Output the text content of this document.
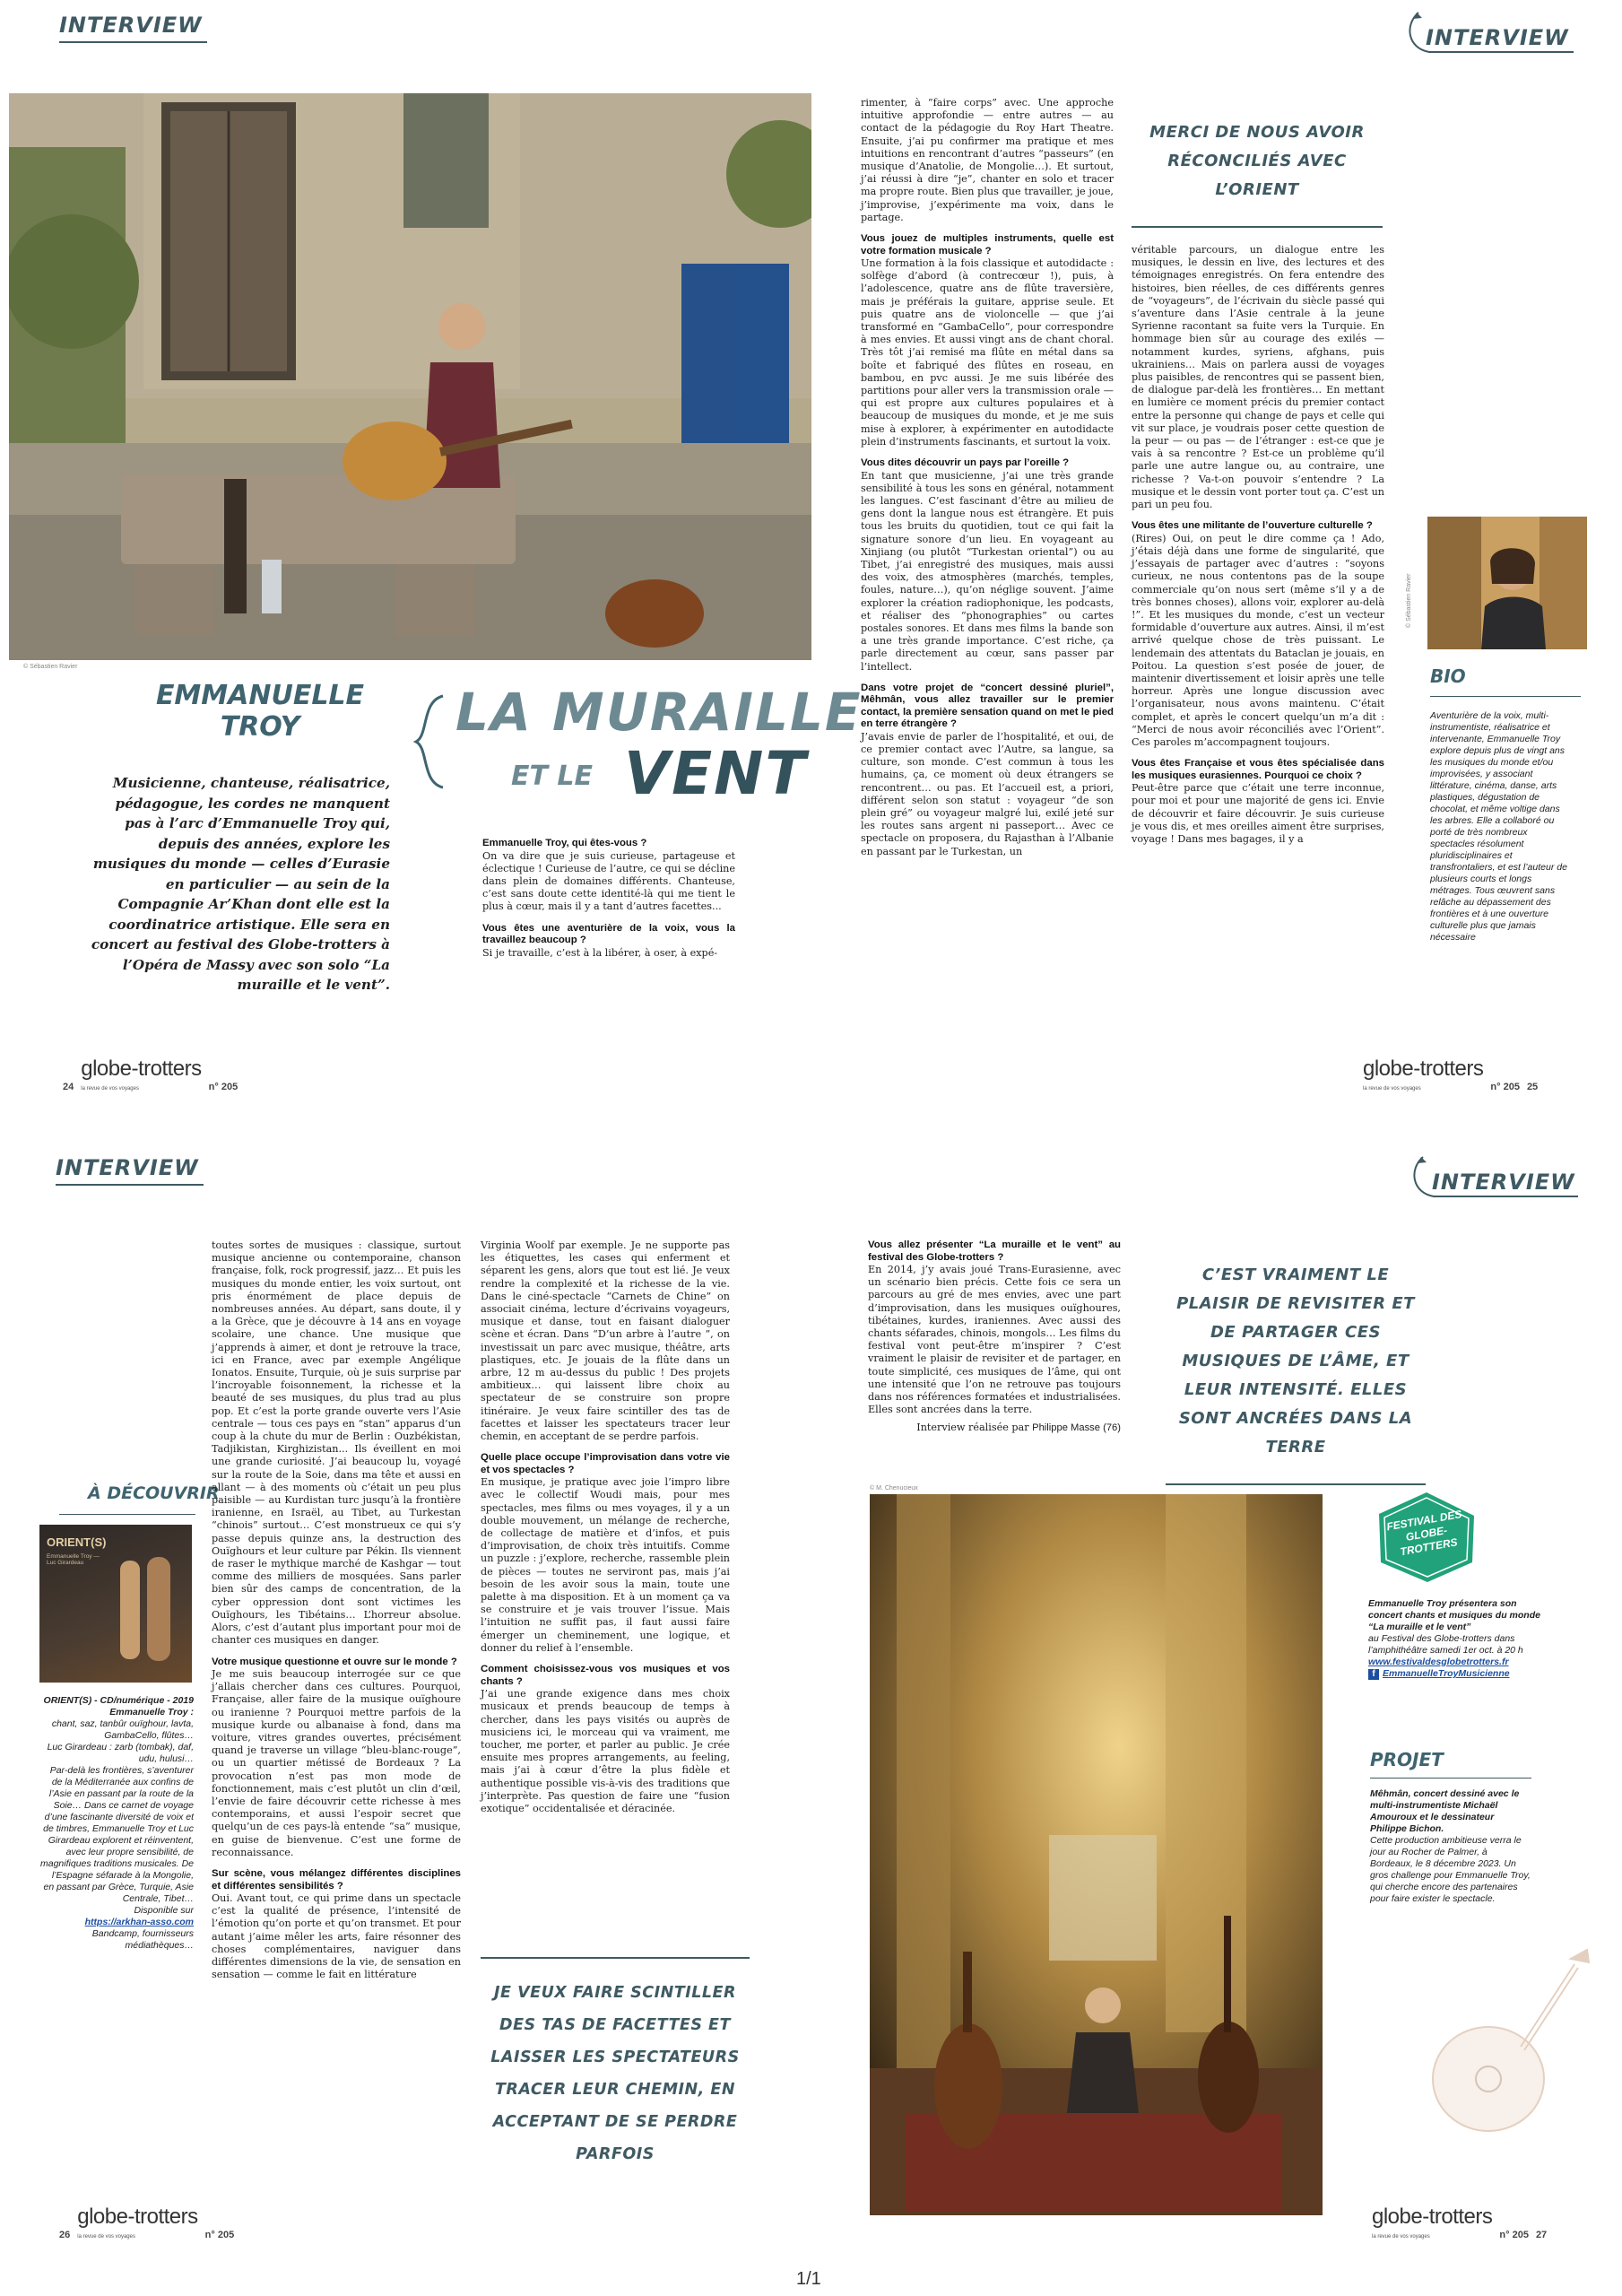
INTERVIEW	INTERVIEW
© Sébastien Ravier
EMMANUELLE TROY
Musicienne, chanteuse, réalisatrice, pédagogue, les cordes ne manquent pas à l’arc d’Emmanuelle Troy qui, depuis des années, explore les musiques du monde — celles d’Eurasie en particulier — au sein de la Compagnie Ar’Khan dont elle est la coordinatrice artistique. Elle sera en concert au festival des Globe-trotters à l’Opéra de Massy avec son solo “La muraille et le vent”.
LA MURAILLE
ET LE VENT
Emmanuelle Troy, qui êtes-vous ?

On va dire que je suis curieuse, partageuse et éclectique ! Curieuse de l’autre, ce qui se décline dans plein de domaines différents. Chanteuse, c’est sans doute cette identité-là qui me tient le plus à cœur, mais il y a tant d’autres facettes...

Vous êtes une aventurière de la voix, vous la travaillez beaucoup ?

Si je travaille, c’est à la libérer, à oser, à expé-

rimenter, à “faire corps” avec. Une approche intuitive approfondie — entre autres — au contact de la pédagogie du Roy Hart Theatre. Ensuite, j’ai pu confirmer ma pratique et mes intuitions en rencontrant d’autres “passeurs” (en musique d’Anatolie, de Mongolie…). Et surtout, j’ai réussi à dire “je”, chanter en solo et tracer ma propre route. Bien plus que travailler, je joue, j’improvise, j’expérimente ma voix, dans le partage.

Vous jouez de multiples instruments, quelle est votre formation musicale ?

Une formation à la fois classique et autodidacte : solfège d’abord (à contrecœur !), puis, à l’adolescence, quatre ans de flûte traversière, mais je préférais la guitare, apprise seule. Et puis quatre ans de violoncelle — que j’ai transformé en “GambaCello”, pour correspondre à mes envies. Et aussi vingt ans de chant choral. Très tôt j’ai remisé ma flûte en métal dans sa boîte et fabriqué des flûtes en roseau, en bambou, en pvc aussi. Je me suis libérée des partitions pour aller vers la transmission orale — qui est propre aux cultures populaires et à beaucoup de musiques du monde, et je me suis mise à explorer, à expérimenter en autodidacte plein d’instruments fascinants, et surtout la voix.

Vous dites découvrir un pays par l’oreille ?

En tant que musicienne, j’ai une très grande sensibilité à tous les sons en général, notamment les langues. C’est fascinant d’être au milieu de gens dont la langue nous est étrangère. Et puis tous les bruits du quotidien, tout ce qui fait la signature sonore d’un lieu. En voyageant au Xinjiang (ou plutôt “Turkestan oriental”) ou au Tibet, j’ai enregistré des musiques, mais aussi des voix, des atmosphères (marchés, temples, foules, nature…), qu’on néglige souvent. J’aime explorer la création radiophonique, les podcasts, et réaliser des “phonographies” ou cartes postales sonores. Et dans mes films la bande son a une très grande importance. C’est riche, ça parle directement au cœur, sans passer par l’intellect.

Dans votre projet de “concert dessiné pluriel”, Mêhmân, vous allez travailler sur le premier contact, la première sensation quand on met le pied en terre étrangère ?

J’avais envie de parler de l’hospitalité, et oui, de ce premier contact avec l’Autre, sa langue, sa culture, son monde. C’est commun à tous les humains, ça, ce moment où deux étrangers se rencontrent… ou pas. Et l’accueil est, a priori, différent selon son statut : voyageur “de son plein gré” ou voyageur malgré lui, exilé jeté sur les routes sans argent ni passeport… Avec ce spectacle on proposera, du Rajasthan à l’Albanie en passant par le Turkestan, un

MERCI DE NOUS AVOIR RÉCONCILIÉS AVEC L’ORIENT

véritable parcours, un dialogue entre les musiques, le dessin en live, des lectures et des témoignages enregistrés. On fera entendre des histoires, bien réelles, de ces différents genres de “voyageurs”, de l’écrivain du siècle passé qui s’aventure dans l’Asie centrale à la jeune Syrienne racontant sa fuite vers la Turquie. En hommage bien sûr au courage des exilés — notamment kurdes, syriens, afghans, puis ukrainiens… Mais on parlera aussi de voyages plus paisibles, de rencontres qui se passent bien, de dialogue par-delà les frontières… En mettant en lumière ce moment précis du premier contact entre la personne qui change de pays et celle qui vit sur place, je voudrais poser cette question de la peur — ou pas — de l’étranger : est-ce que je vais à sa rencontre ? Est-ce un problème qu’il parle une autre langue ou, au contraire, une richesse ? Va-t-on pouvoir s’entendre ? La musique et le dessin vont porter tout ça. C’est un pari un peu fou.

Vous êtes une militante de l’ouverture culturelle ?

(Rires) Oui, on peut le dire comme ça ! Ado, j’étais déjà dans une forme de singularité, que j’essayais de partager avec d’autres : “soyons curieux, ne nous contentons pas de la soupe commerciale qu’on nous sert (même s’il y a de très bonnes choses), allons voir, explorer au-delà !”. Et les musiques du monde, c’est un vecteur formidable d’ouverture aux autres. Ainsi, il m’est arrivé quelque chose de très puissant. Le lendemain des attentats du Bataclan je jouais, en Poitou. La question s’est posée de jouer, de maintenir divertissement et loisir après une telle horreur. Après une longue discussion avec l’organisateur, nous avons maintenu. C’était complet, et après le concert quelqu’un m’a dit : “Merci de nous avoir réconciliés avec l’Orient”. Ces paroles m’accompagnent toujours.

Vous êtes Française et vous êtes spécialisée dans les musiques eurasiennes. Pourquoi ce choix ?

Peut-être parce que c’était une terre inconnue, pour moi et pour une majorité de gens ici. Envie de découvrir et faire découvrir. Je suis curieuse je vous dis, et mes oreilles aiment être surprises, voyage ! Dans mes bagages, il y a

© Sébastien Ravier
BIO
Aventurière de la voix, multi-instrumentiste, réalisatrice et intervenante, Emmanuelle Troy explore depuis plus de vingt ans les musiques du monde et/ou improvisées, y associant littérature, cinéma, danse, arts plastiques, dégustation de chocolat, et même voltige dans les arbres. Elle a collaboré ou porté de très nombreux spectacles résolument pluridisciplinaires et transfrontaliers, et est l’auteur de plusieurs courts et longs métrages. Tous œuvrent sans relâche au dépassement des frontières et à une ouverture culturelle plus que jamais nécessaire
24
globe-trotters
la revue de vos voyages	n° 205
globe-trotters
la revue de vos voyages	n° 205 25
INTERVIEW
INTERVIEW
À DÉCOUVRIR
ORIENT(S)
Emmanuelle Troy — Luc Girardeau
ORIENT(S) - CD/numérique - 2019
Emmanuelle Troy :
chant, saz, tanbûr ouïghour, lavta, GambaCello, flûtes…
Luc Girardeau : zarb (tombak), daf, udu, hulusi…
Par-delà les frontières, s’aventurer de la Méditerranée aux confins de l’Asie en passant par la route de la Soie… Dans ce carnet de voyage d’une fascinante diversité de voix et de timbres, Emmanuelle Troy et Luc Girardeau explorent et réinventent, avec leur propre sensibilité, de magnifiques traditions musicales. De l’Espagne séfarade à la Mongolie, en passant par Grèce, Turquie, Asie Centrale, Tibet…
Disponible sur
https://arkhan-asso.com
Bandcamp, fournisseurs médiathèques…

toutes sortes de musiques : classique, surtout musique ancienne ou contemporaine, chanson française, folk, rock progressif, jazz… Et puis les musiques du monde entier, les voix surtout, ont pris énormément de place depuis de nombreuses années. Au départ, sans doute, il y a la Grèce, que je découvre à 14 ans en voyage scolaire, une chance. Une musique que j’apprends à aimer, et dont je retrouve la trace, ici en France, avec par exemple Angélique Ionatos. Ensuite, Turquie, où je suis surprise par l’incroyable foisonnement, la richesse et la beauté de ses musiques, du plus trad au plus pop. Et c’est la porte grande ouverte vers l’Asie centrale — tous ces pays en “stan” apparus d’un coup à la chute du mur de Berlin : Ouzbékistan, Tadjikistan, Kirghizistan... Ils éveillent en moi une grande curiosité. J’ai beaucoup lu, voyagé sur la route de la Soie, dans ma tête et aussi en allant — à des moments où c’était un peu plus paisible — au Kurdistan turc jusqu’à la frontière iranienne, en Israël, au Tibet, au Turkestan “chinois” surtout… C’est monstrueux ce qui s’y passe depuis quinze ans, la destruction des Ouïghours et leur culture par Pékin. Ils viennent de raser le mythique marché de Kashgar — tout comme des milliers de mosquées. Sans parler bien sûr des camps de concentration, de la cyber oppression dont sont victimes les Ouïghours, les Tibétains… L’horreur absolue. Alors, c’est d’autant plus important pour moi de chanter ces musiques en danger.

Votre musique questionne et ouvre sur le monde ?

Je me suis beaucoup interrogée sur ce que j’allais chercher dans ces cultures. Pourquoi, Française, aller faire de la musique ouïghoure ou iranienne ? Pourquoi mettre parfois de la musique kurde ou albanaise à fond, dans ma voiture, vitres grandes ouvertes, précisément quand je traverse un village “bleu-blanc-rouge”, ou un quartier métissé de Bordeaux ? La provocation n’est pas mon mode de fonctionnement, mais c’est plutôt un clin d’œil, l’envie de faire découvrir cette richesse à mes contemporains, et aussi l’espoir secret que quelqu’un de ces pays-là entende “sa” musique, en guise de bienvenue. C’est une forme de reconnaissance.

Sur scène, vous mélangez différentes disciplines et différentes sensibilités ?

Oui. Avant tout, ce qui prime dans un spectacle c’est la qualité de présence, l’intensité de l’émotion qu’on porte et qu’on transmet. Et pour autant j’aime mêler les arts, faire résonner des choses complémentaires, naviguer dans différentes dimensions de la vie, de sensation en sensation — comme le fait en littérature

Virginia Woolf par exemple. Je ne supporte pas les étiquettes, les cases qui enferment et séparent les gens, alors que tout est lié. Je veux rendre la complexité et la richesse de la vie. Dans le ciné-spectacle “Carnets de Chine” on associait cinéma, lecture d’écrivains voyageurs, musique et danse, tout en faisant dialoguer scène et écran. Dans “D’un arbre à l’autre ”, on investissait un parc avec musique, théâtre, arts plastiques, etc. Je jouais de la flûte dans un arbre, 12 m au-dessus du public ! Des projets ambitieux… qui laissent libre choix au spectateur de se construire son propre itinéraire. Je veux faire scintiller des tas de facettes et laisser les spectateurs tracer leur chemin, en acceptant de se perdre parfois.

Quelle place occupe l’improvisation dans votre vie et vos spectacles ?

En musique, je pratique avec joie l’impro libre avec le collectif Woudi mais, pour mes spectacles, mes films ou mes voyages, il y a un double mouvement, un mélange de recherche, de collectage de matière et d’infos, et puis d’improvisation, de choix très intuitifs. Comme un puzzle : j’explore, recherche, rassemble plein de pièces — toutes ne serviront pas, mais j’ai besoin de les avoir sous la main, toute une palette à ma disposition. Et à un moment ça va se construire et je vais trouver l’issue. Mais l’intuition ne suffit pas, il faut aussi faire émerger un cheminement, une logique, et donner du relief à l’ensemble.

Comment choisissez-vous vos musiques et vos chants ?

J’ai une grande exigence dans mes choix musicaux et prends beaucoup de temps à chercher, dans les pays visités ou auprès de musiciens ici, le morceau qui va vraiment, me toucher, me porter, et parler au public. Je crée ensuite mes propres arrangements, au feeling, mais j’ai à cœur d’être la plus fidèle et authentique possible vis-à-vis des traditions que j’interprète. Pas question de faire une “fusion exotique” occidentalisée et déracinée.

JE VEUX FAIRE SCINTILLER DES TAS DE FACETTES ET LAISSER LES SPECTATEURS TRACER LEUR CHEMIN, EN ACCEPTANT DE SE PERDRE PARFOIS
Vous allez présenter “La muraille et le vent” au festival des Globe-trotters ?

En 2014, j’y avais joué Trans-Eurasienne, avec un scénario bien précis. Cette fois ce sera un parcours au gré de mes envies, avec une part d’improvisation, dans les musiques ouïghoures, tibétaines, kurdes, iraniennes. Avec aussi des chants séfarades, chinois, mongols… Les films du festival vont peut-être m’inspirer ? C’est vraiment le plaisir de revisiter et de partager, en toute simplicité, ces musiques de l’âme, qui ont une intensité que l’on ne retrouve pas toujours dans nos références formatées et industrialisées. Elles sont ancrées dans la terre.

Interview réalisée par Philippe Masse (76)

C’EST VRAIMENT LE PLAISIR DE REVISITER ET DE PARTAGER CES MUSIQUES DE L’ÂME, ET LEUR INTENSITÉ. ELLES SONT ANCRÉES DANS LA TERRE
© M. Chenucieux
FESTIVAL DES GLOBE-TROTTERS
Emmanuelle Troy présentera son concert chants et musiques du monde
“La muraille et le vent”
au Festival des Globe-trotters dans l’amphithéâtre samedi 1er oct. à 20 h
www.festivaldesglobetrotters.fr
f EmmanuelleTroyMusicienne
PROJET
Mêhmân, concert dessiné avec le multi-instrumentiste Michaël Amouroux et le dessinateur Philippe Bichon.
Cette production ambitieuse verra le jour au Rocher de Palmer, à Bordeaux, le 8 décembre 2023. Un gros challenge pour Emmanuelle Troy, qui cherche encore des partenaires pour faire exister le spectacle.
26
globe-trotters
la revue de vos voyages	n° 205
globe-trotters
la revue de vos voyages	n° 205 27
1/1
